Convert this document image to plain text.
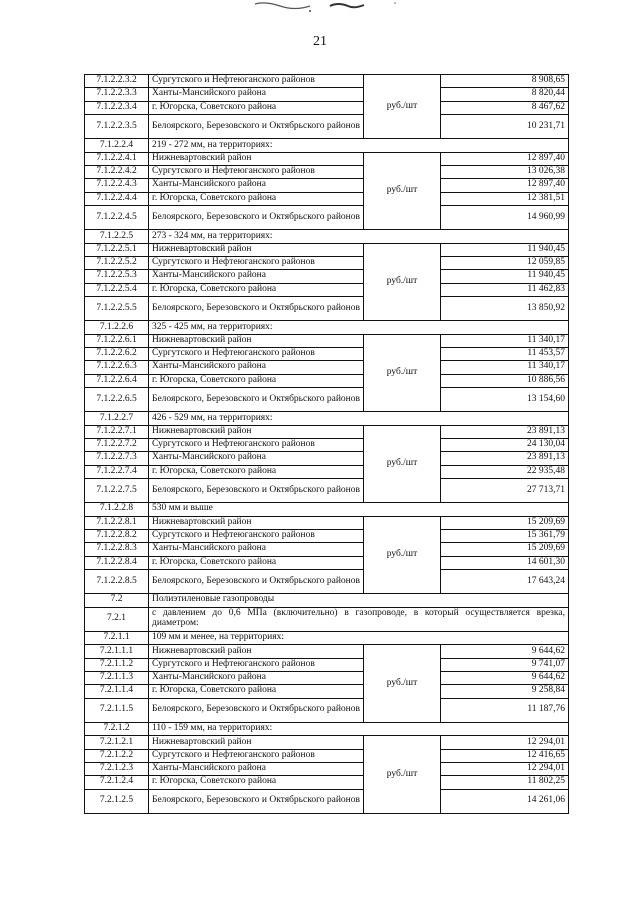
21
7.1.2.2.3.2	Сургутского и Нефтеюганского районов	руб./шт	8 908,65
7.1.2.2.3.3	Ханты-Мансийского района		8 820,44
7.1.2.2.3.4	г. Югорска, Советского района		8 467,62
7.1.2.2.3.5	Белоярского, Березовского и Октябрьского районов		10 231,71
7.1.2.2.4	219 - 272 мм, на территориях:		
7.1.2.2.4.1	Нижневартовский район	руб./шт	12 897,40
7.1.2.2.4.2	Сургутского и Нефтеюганского районов		13 026,38
7.1.2.2.4.3	Ханты-Мансийского района		12 897,40
7.1.2.2.4.4	г. Югорска, Советского района		12 381,51
7.1.2.2.4.5	Белоярского, Березовского и Октябрьского районов		14 960,99
7.1.2.2.5	273 - 324 мм, на территориях:		
7.1.2.2.5.1	Нижневартовский район	руб./шт	11 940,45
7.1.2.2.5.2	Сургутского и Нефтеюганского районов		12 059,85
7.1.2.2.5.3	Ханты-Мансийского района		11 940,45
7.1.2.2.5.4	г. Югорска, Советского района		11 462,83
7.1.2.2.5.5	Белоярского, Березовского и Октябрьского районов		13 850,92
7.1.2.2.6	325 - 425 мм, на территориях:		
7.1.2.2.6.1	Нижневартовский район	руб./шт	11 340,17
7.1.2.2.6.2	Сургутского и Нефтеюганского районов		11 453,57
7.1.2.2.6.3	Ханты-Мансийского района		11 340,17
7.1.2.2.6.4	г. Югорска, Советского района		10 886,56
7.1.2.2.6.5	Белоярского, Березовского и Октябрьского районов		13 154,60
7.1.2.2.7	426 - 529 мм, на территориях:		
7.1.2.2.7.1	Нижневартовский район	руб./шт	23 891,13
7.1.2.2.7.2	Сургутского и Нефтеюганского районов		24 130,04
7.1.2.2.7.3	Ханты-Мансийского района		23 891,13
7.1.2.2.7.4	г. Югорска, Советского района		22 935,48
7.1.2.2.7.5	Белоярского, Березовского и Октябрьского районов		27 713,71
7.1.2.2.8	530 мм и выше		
7.1.2.2.8.1	Нижневартовский район	руб./шт	15 209,69
7.1.2.2.8.2	Сургутского и Нефтеюганского районов		15 361,79
7.1.2.2.8.3	Ханты-Мансийского района		15 209,69
7.1.2.2.8.4	г. Югорска, Советского района		14 601,30
7.1.2.2.8.5	Белоярского, Березовского и Октябрьского районов		17 643,24
7.2	Полиэтиленовые газопроводы		
7.2.1	с давлением до 0,6 МПа (включительно) в газопроводе, в который осуществляется врезка, диаметром:		
7.2.1.1	109 мм и менее, на территориях:		
7.2.1.1.1	Нижневартовский район	руб./шт	9 644,62
7.2.1.1.2	Сургутского и Нефтеюганского районов		9 741,07
7.2.1.1.3	Ханты-Мансийского района		9 644,62
7.2.1.1.4	г. Югорска, Советского района		9 258,84
7.2.1.1.5	Белоярского, Березовского и Октябрьского районов		11 187,76
7.2.1.2	110 - 159 мм, на территориях:		
7.2.1.2.1	Нижневартовский район	руб./шт	12 294,01
7.2.1.2.2	Сургутского и Нефтеюганского районов		12 416,65
7.2.1.2.3	Ханты-Мансийского района		12 294,01
7.2.1.2.4	г. Югорска, Советского района		11 802,25
7.2.1.2.5	Белоярского, Березовского и Октябрьского районов		14 261,06
